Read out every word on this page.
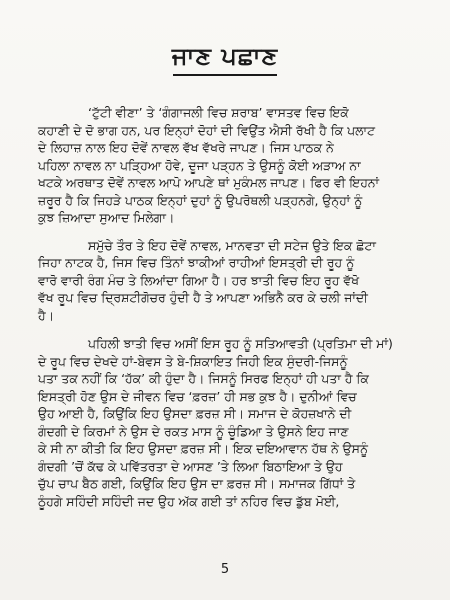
ਜਾਣ ਪਛਾਣ
‘ਟੁੱਟੀ ਵੀਣਾ’ ਤੇ ‘ਗੰਗਾਜਲੀ ਵਿਚ ਸ਼ਰਾਬ’ ਵਾਸਤਵ ਵਿਚ ਇਕੋ
ਕਹਾਣੀ ਦੇ ਦੋ ਭਾਗ ਹਨ, ਪਰ ਇਨ੍ਹਾਂ ਦੋਹਾਂ ਦੀ ਵਿਉਂਤ ਐਸੀ ਰੱਖੀ ਹੈ ਕਿ ਪਲਾਟ
ਦੇ ਲਿਹਾਜ਼ ਨਾਲ ਇਹ ਦੋਵੇਂ ਨਾਵਲ ਵੱਖ ਵੱਖਰੇ ਜਾਪਣ। ਜਿਸ ਪਾਠਕ ਨੇ
ਪਹਿਲਾ ਨਾਵਲ ਨਾ ਪੜ੍ਹਿਆ ਹੋਵੇ, ਦੂਜਾ ਪੜ੍ਹਨ ਤੇ ਉਸਨੂੰ ਕੋਈ ਅੜਾਅ ਨਾ
ਖਟਕੇ ਅਰਥਾਤ ਦੋਵੇਂ ਨਾਵਲ ਆਪੋ ਆਪਣੇ ਥਾਂ ਮੁਕੰਮਲ ਜਾਪਣ। ਫਿਰ ਵੀ ਇਹਨਾਂ
ਜ਼ਰੂਰ ਹੈ ਕਿ ਜਿਹੜੇ ਪਾਠਕ ਇਨ੍ਹਾਂ ਦੁਹਾਂ ਨੂੰ ਉਪਰੋਥਲੀ ਪੜ੍ਹਨਗੇ, ਉਨ੍ਹਾਂ ਨੂੰ
ਕੁਝ ਜ਼ਿਆਦਾ ਸੁਆਦ ਮਿਲੇਗਾ।
ਸਮੁੱਚੇ ਤੌਰ ਤੇ ਇਹ ਦੋਵੇਂ ਨਾਵਲ, ਮਾਨਵਤਾ ਦੀ ਸਟੇਜ ਉਤੇ ਇਕ ਛੋਟਾ
ਜਿਹਾ ਨਾਟਕ ਹੈ, ਜਿਸ ਵਿਚ ਤਿੰਨਾਂ ਝਾਕੀਆਂ ਰਾਹੀਆਂ ਇਸਤ੍ਰੀ ਦੀ ਰੂਹ ਨੂੰ
ਵਾਰੋ ਵਾਰੀ ਰੰਗ ਮੰਚ ਤੇ ਲਿਆਂਦਾ ਗਿਆ ਹੈ। ਹਰ ਝਾਤੀ ਵਿਚ ਇਹ ਰੂਹ ਵੱਖੋ
ਵੱਖ ਰੂਪ ਵਿਚ ਦ੍ਰਿਸ਼ਟੀਗੋਚਰ ਹੁੰਦੀ ਹੈ ਤੇ ਆਪਣਾ ਅਭਿਨੈ ਕਰ ਕੇ ਚਲੀ ਜਾਂਦੀ
ਹੈ।
ਪਹਿਲੀ ਝਾਤੀ ਵਿਚ ਅਸੀਂ ਇਸ ਰੂਹ ਨੂੰ ਸਤਿਆਵਤੀ (ਪ੍ਰਤਿਮਾ ਦੀ ਮਾਂ)
ਦੇ ਰੂਪ ਵਿਚ ਦੇਖਦੇ ਹਾਂ-ਬੇਵਸ ਤੇ ਬੇ-ਸ਼ਿਕਾਇਤ ਜਿਹੀ ਇਕ ਸੁੰਦਰੀ-ਜਿਸਨੂੰ
ਪਤਾ ਤਕ ਨਹੀਂ ਕਿ ‘ਹੱਕ’ ਕੀ ਹੁੰਦਾ ਹੈ। ਜਿਸਨੂੰ ਸਿਰਫ ਇਨ੍ਹਾਂ ਹੀ ਪਤਾ ਹੈ ਕਿ
ਇਸਤ੍ਰੀ ਹੋਣ ਉਸ ਦੇ ਜੀਵਨ ਵਿਚ ‘ਫ਼ਰਜ਼’ ਹੀ ਸਭ ਕੁਝ ਹੈ। ਦੁਨੀਆਂ ਵਿਚ
ਉਹ ਆਈ ਹੈ, ਕਿਉਂਕਿ ਇਹ ਉਸਦਾ ਫ਼ਰਜ਼ ਸੀ। ਸਮਾਜ ਦੇ ਕੋਹਜ਼ਖਾਨੇ ਦੀ
ਗੰਦਗੀ ਦੇ ਕਿਰਮਾਂ ਨੇ ਉਸ ਦੇ ਰਕਤ ਮਾਸ ਨੂੰ ਚੂੰਡਿਆ ਤੇ ਉਸਨੇ ਇਹ ਜਾਣ
ਕੇ ਸੀ ਨਾ ਕੀਤੀ ਕਿ ਇਹ ਉਸਦਾ ਫ਼ਰਜ਼ ਸੀ। ਇਕ ਦਇਆਵਾਨ ਹੱਥ ਨੇ ਉਸਨੂੰ
ਗੰਦਗੀ ’ਚੋਂ ਕੱਢ ਕੇ ਪਵਿੱਤਰਤਾ ਦੇ ਆਸਣ ’ਤੇ ਲਿਆ ਬਿਠਾਇਆ ਤੇ ਉਹ
ਚੁੱਪ ਚਾਪ ਬੈਠ ਗਈ, ਕਿਉਂਕਿ ਇਹ ਉਸ ਦਾ ਫ਼ਰਜ਼ ਸੀ। ਸਮਾਜਕ ਗਿੱਧਾਂ ਤੇ
ਠੂੰਹਗੇ ਸਹਿੰਦੀ ਸਹਿੰਦੀ ਜਦ ਉਹ ਅੱਕ ਗਈ ਤਾਂ ਨਹਿਰ ਵਿਚ ਡੁੱਬ ਮੋਈ,
5
